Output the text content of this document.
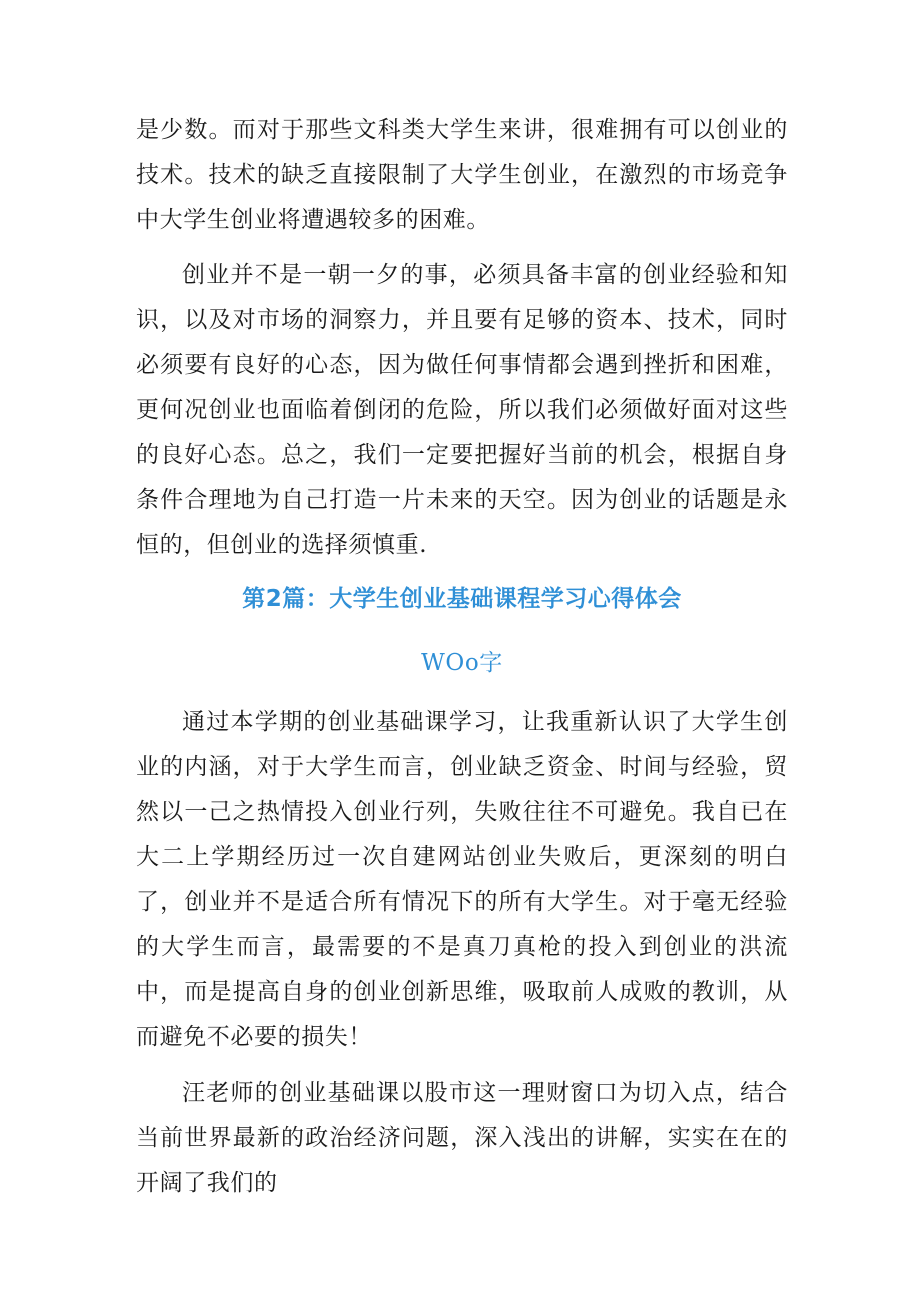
是少数。而对于那些文科类大学生来讲，很难拥有可以创业的技术。技术的缺乏直接限制了大学生创业，在激烈的市场竞争中大学生创业将遭遇较多的困难。

创业并不是一朝一夕的事，必须具备丰富的创业经验和知识，以及对市场的洞察力，并且要有足够的资本、技术，同时必须要有良好的心态，因为做任何事情都会遇到挫折和困难，更何况创业也面临着倒闭的危险，所以我们必须做好面对这些的良好心态。总之，我们一定要把握好当前的机会，根据自身条件合理地为自己打造一片未来的天空。因为创业的话题是永恒的，但创业的选择须慎重.

第2篇：大学生创业基础课程学习心得体会

WOo字

通过本学期的创业基础课学习，让我重新认识了大学生创业的内涵，对于大学生而言，创业缺乏资金、时间与经验，贸然以一己之热情投入创业行列，失败往往不可避免。我自已在大二上学期经历过一次自建网站创业失败后，更深刻的明白了，创业并不是适合所有情况下的所有大学生。对于毫无经验的大学生而言，最需要的不是真刀真枪的投入到创业的洪流中，而是提高自身的创业创新思维，吸取前人成败的教训，从而避免不必要的损失！

汪老师的创业基础课以股市这一理财窗口为切入点，结合当前世界最新的政治经济问题，深入浅出的讲解，实实在在的开阔了我们的
